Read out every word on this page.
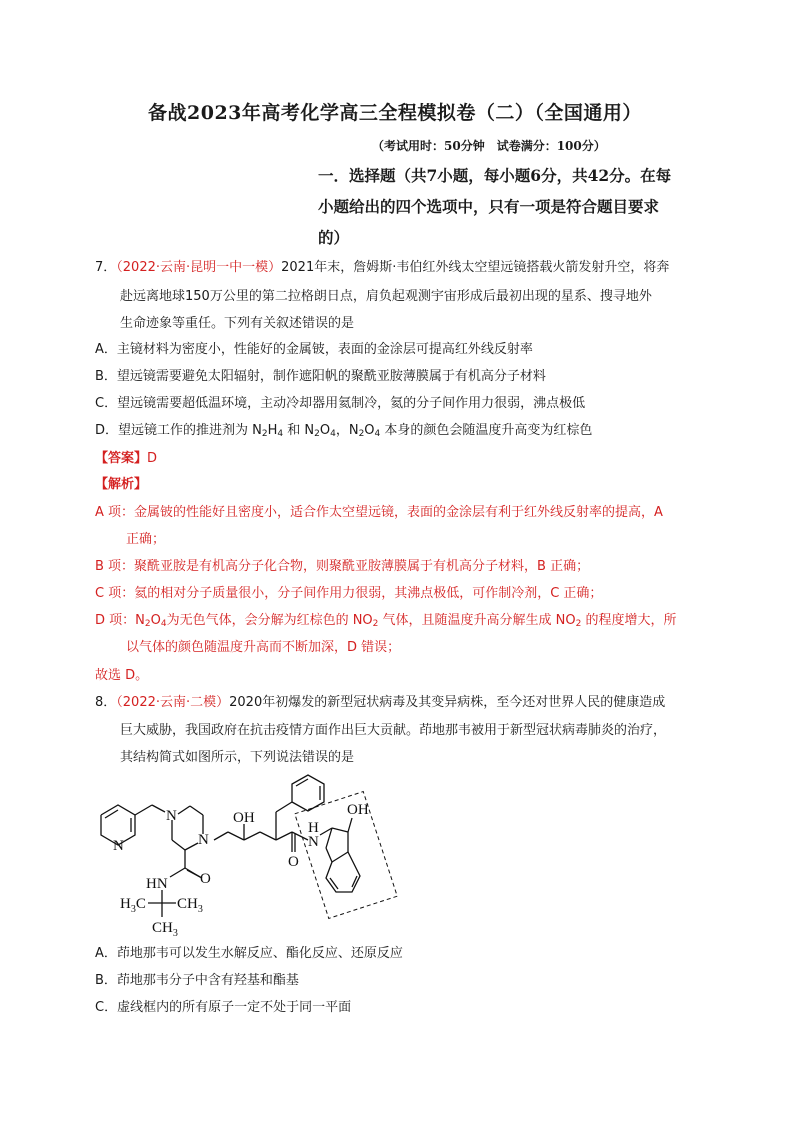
备战2023年高考化学高三全程模拟卷（二）（全国通用）
（考试用时：50分钟　试卷满分：100分）
一．选择题（共7小题，每小题6分，共42分。在每
小题给出的四个选项中，只有一项是符合题目要求
的）
7．（2022·云南·昆明一中一模）2021年末，詹姆斯·韦伯红外线太空望远镜搭载火箭发射升空，将奔
赴远离地球150万公里的第二拉格朗日点，肩负起观测宇宙形成后最初出现的星系、搜寻地外
生命迹象等重任。下列有关叙述错误的是
A．主镜材料为密度小，性能好的金属铍，表面的金涂层可提高红外线反射率
B．望远镜需要避免太阳辐射，制作遮阳帆的聚酰亚胺薄膜属于有机高分子材料
C．望远镜需要超低温环境，主动冷却器用氦制冷，氦的分子间作用力很弱，沸点极低
D．望远镜工作的推进剂为 $N_2H_4$ 和 $N_2O_4$，$N_2O_4$ 本身的颜色会随温度升高变为红棕色
【答案】D
【解析】
A 项：金属铍的性能好且密度小，适合作太空望远镜，表面的金涂层有利于红外线反射率的提高，A
正确；
B 项：聚酰亚胺是有机高分子化合物，则聚酰亚胺薄膜属于有机高分子材料，B 正确；
C 项：氦的相对分子质量很小，分子间作用力很弱，其沸点极低，可作制冷剂，C 正确；
D 项：$N_2O_4$为无色气体，会分解为红棕色的 $NO_2$ 气体，且随温度升高分解生成 $NO_2$ 的程度增大，所
以气体的颜色随温度升高而不断加深，D 错误；
故选 D。
8．（2022·云南·二模）2020年初爆发的新型冠状病毒及其变异病株，至今还对世界人民的健康造成
巨大威胁，我国政府在抗击疫情方面作出巨大贡献。茚地那韦被用于新型冠状病毒肺炎的治疗，
其结构简式如图所示，下列说法错误的是
N
N
N
OH	OH
H
N
O
O
HN
$H_3C$ $CH_3$
$CH_3$
A．茚地那韦可以发生水解反应、酯化反应、还原反应
B．茚地那韦分子中含有羟基和酯基
C．虚线框内的所有原子一定不处于同一平面
